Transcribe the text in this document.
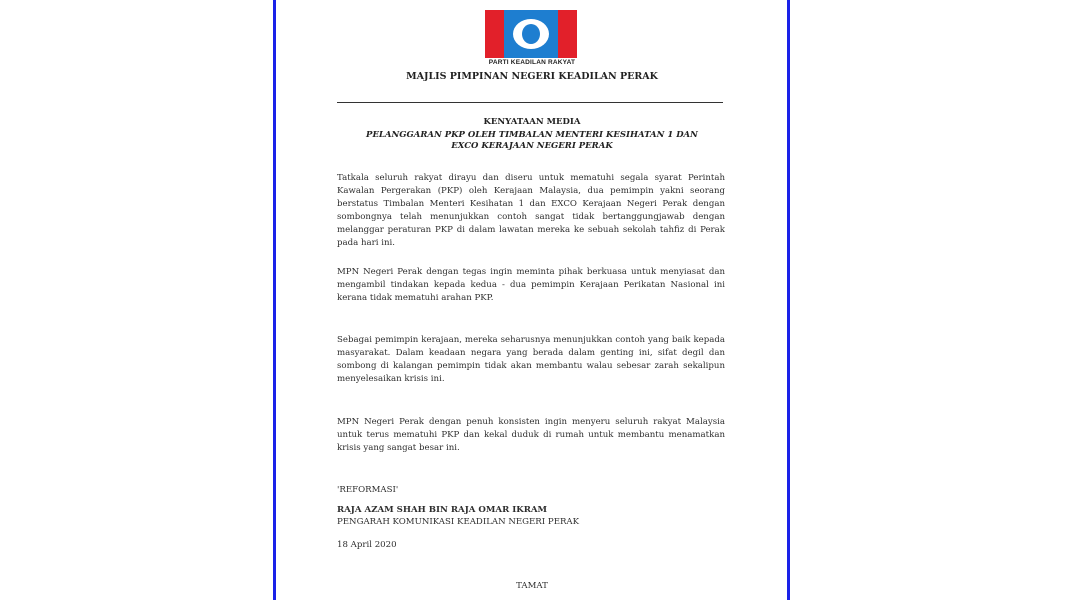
PARTI KEADILAN RAKYAT
MAJLIS PIMPINAN NEGERI KEADILAN PERAK
KENYATAAN MEDIA
PELANGGARAN PKP OLEH TIMBALAN MENTERI KESIHATAN 1 DAN
EXCO KERAJAAN NEGERI PERAK

Tatkala seluruh rakyat dirayu dan diseru untuk mematuhi segala syarat Perintah Kawalan Pergerakan (PKP) oleh Kerajaan Malaysia, dua pemimpin yakni seorang berstatus Timbalan Menteri Kesihatan 1 dan EXCO Kerajaan Negeri Perak dengan sombongnya telah menunjukkan contoh sangat tidak bertanggungjawab dengan melanggar peraturan PKP di dalam lawatan mereka ke sebuah sekolah tahfiz di Perak pada hari ini.

MPN Negeri Perak dengan tegas ingin meminta pihak berkuasa untuk menyiasat dan mengambil tindakan kepada kedua - dua pemimpin Kerajaan Perikatan Nasional ini kerana tidak mematuhi arahan PKP.

Sebagai pemimpin kerajaan, mereka seharusnya menunjukkan contoh yang baik kepada masyarakat. Dalam keadaan negara yang berada dalam genting ini, sifat degil dan sombong di kalangan pemimpin tidak akan membantu walau sebesar zarah sekalipun menyelesaikan krisis ini.

MPN Negeri Perak dengan penuh konsisten ingin menyeru seluruh rakyat Malaysia untuk terus mematuhi PKP dan kekal duduk di rumah untuk membantu menamatkan krisis yang sangat besar ini.

'REFORMASI'
RAJA AZAM SHAH BIN RAJA OMAR IKRAM
PENGARAH KOMUNIKASI KEADILAN NEGERI PERAK
18 April 2020
TAMAT
